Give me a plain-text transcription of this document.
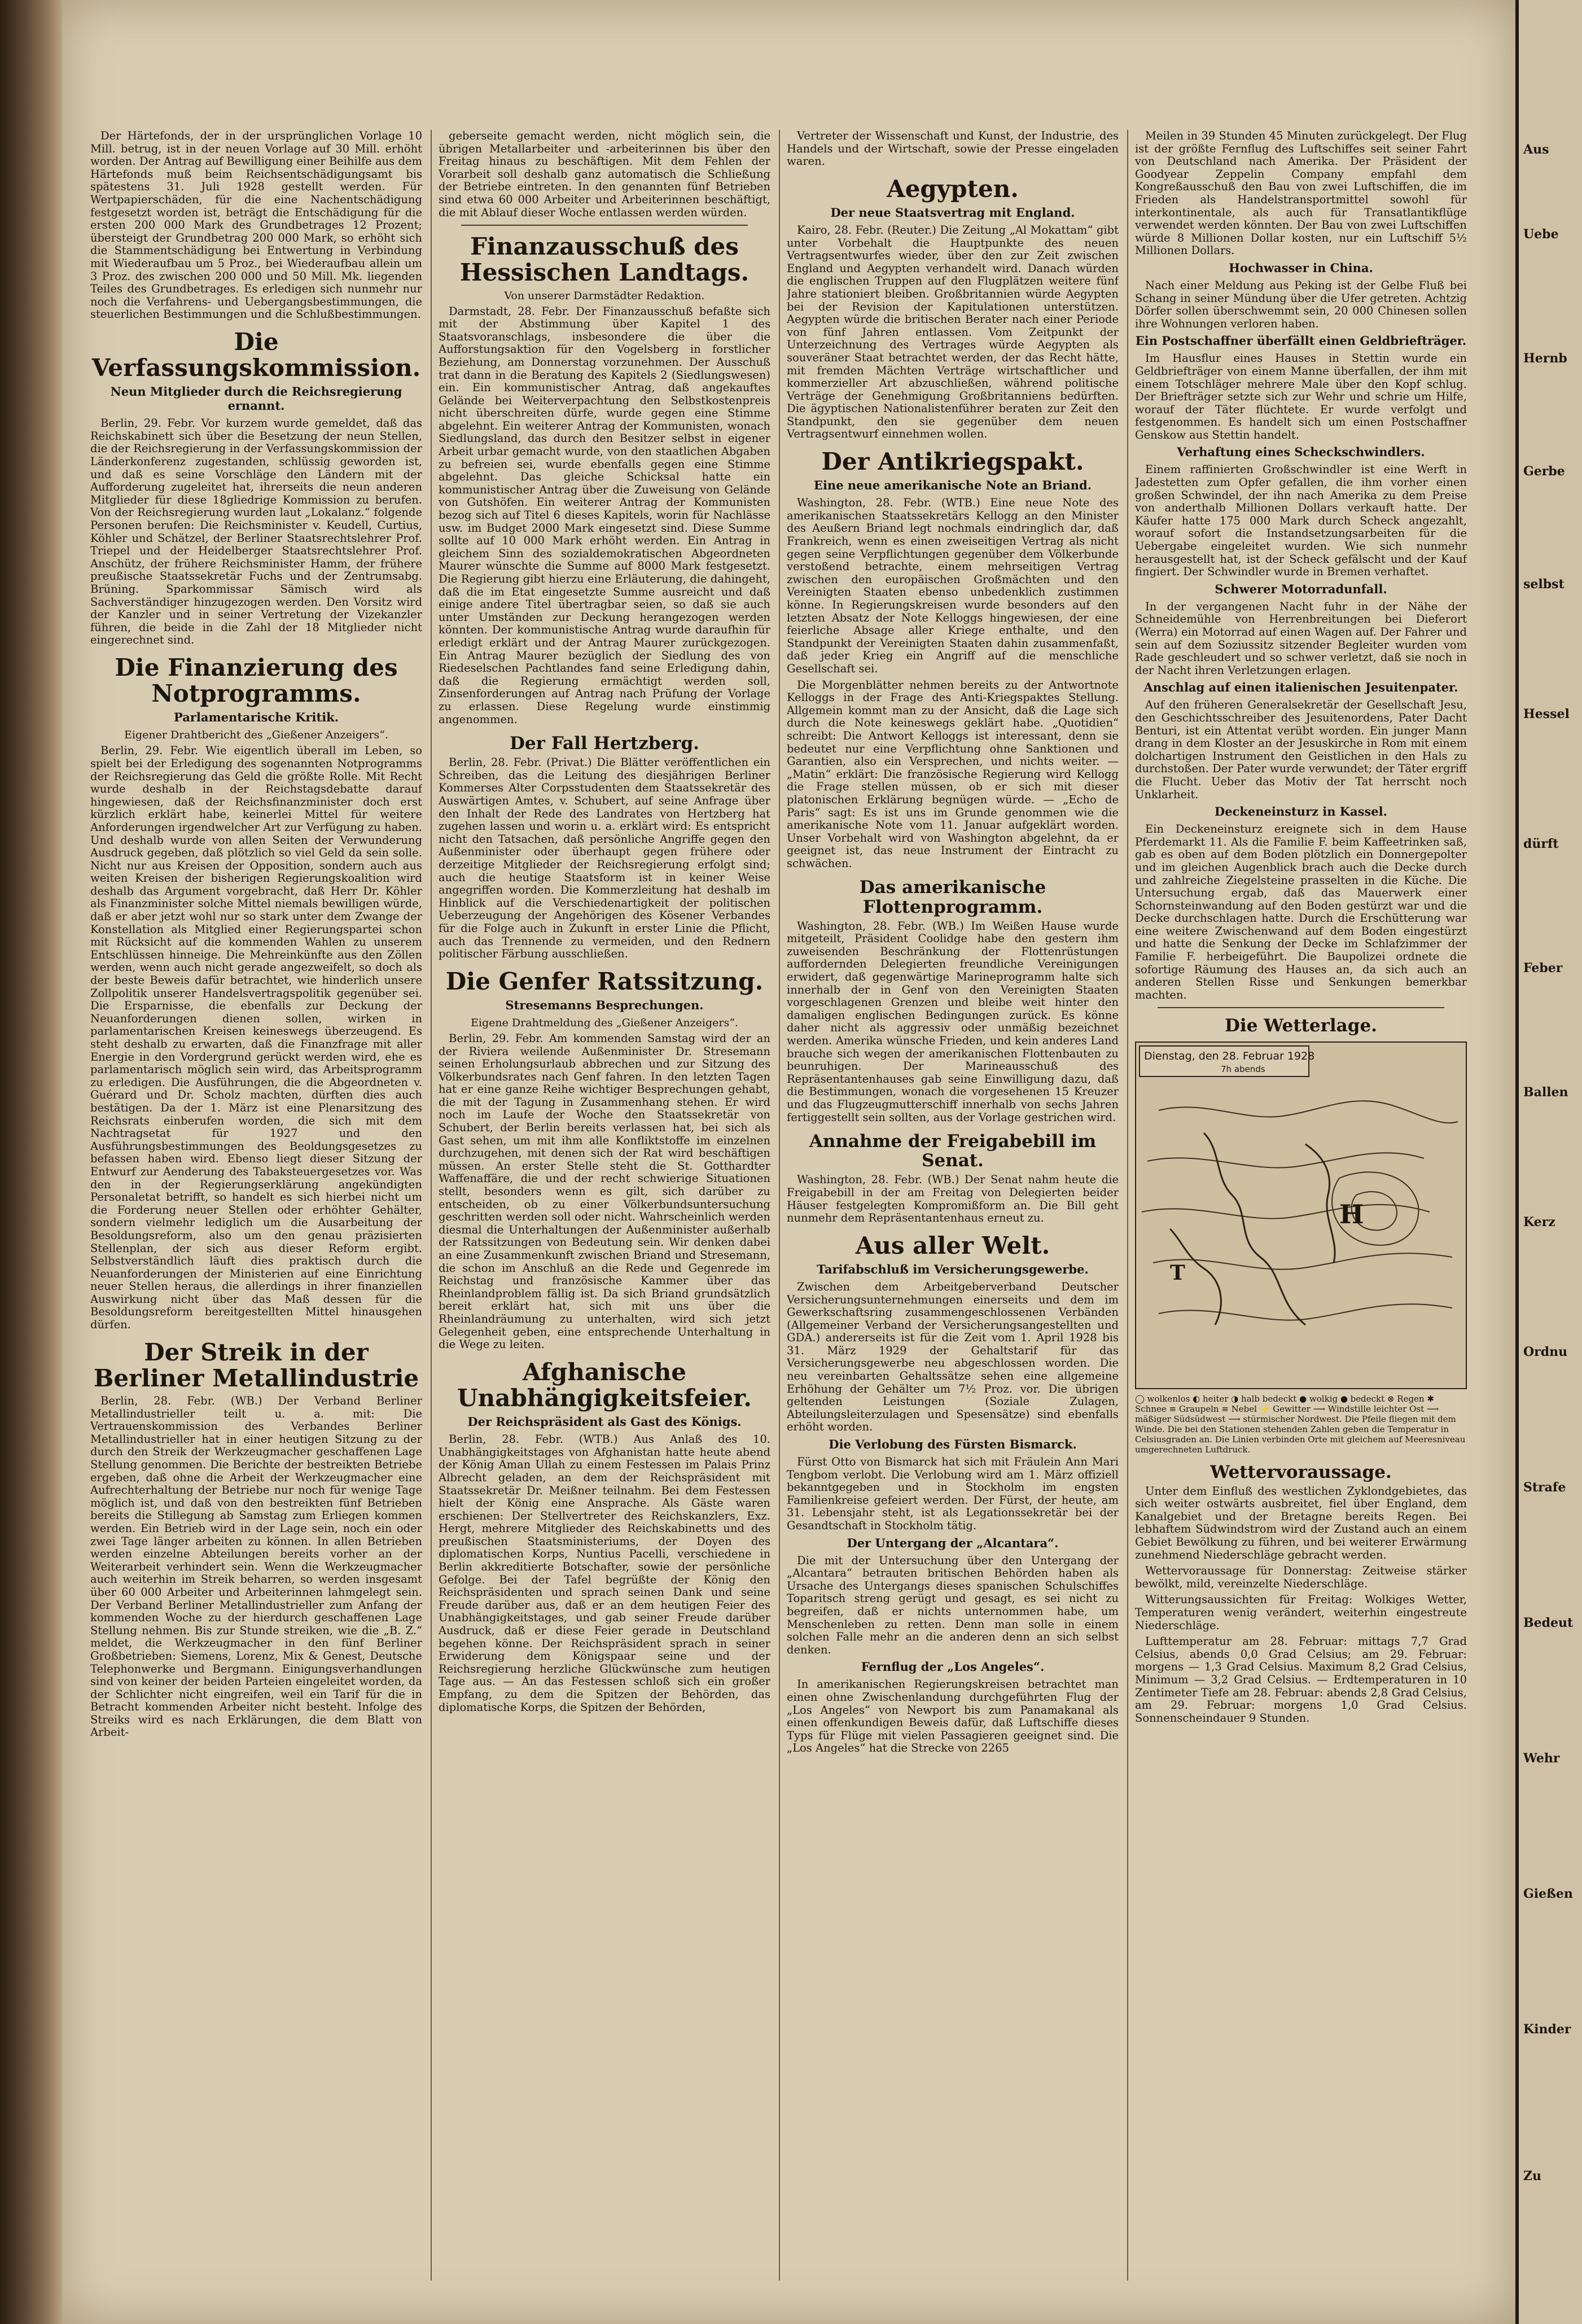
Der Härtefonds, der in der ursprünglichen Vorlage 10 Mill. betrug, ist in der neuen Vorlage auf 30 Mill. erhöht worden. Der Antrag auf Bewilligung einer Beihilfe aus dem Härtefonds muß beim Reichsentschädigungsamt bis spätestens 31. Juli 1928 gestellt werden. Für Wertpapierschäden, für die eine Nachentschädigung festgesetzt worden ist, beträgt die Entschädigung für die ersten 200 000 Mark des Grundbetrages 12 Prozent; übersteigt der Grundbetrag 200 000 Mark, so erhöht sich die Stammentschädigung bei Entwertung in Verbindung mit Wiederaufbau um 5 Proz., bei Wiederaufbau allein um 3 Proz. des zwischen 200 000 und 50 Mill. Mk. liegenden Teiles des Grundbetrages. Es erledigen sich nunmehr nur noch die Verfahrens- und Uebergangsbestimmungen, die steuerlichen Bestimmungen und die Schlußbestimmungen.

Die Verfassungskommission.
Neun Mitglieder durch die Reichsregierung ernannt.

Berlin, 29. Febr. Vor kurzem wurde gemeldet, daß das Reichskabinett sich über die Besetzung der neun Stellen, die der Reichsregierung in der Verfassungskommission der Länderkonferenz zugestanden, schlüssig geworden ist, und daß es seine Vorschläge den Ländern mit der Aufforderung zugeleitet hat, ihrerseits die neun anderen Mitglieder für diese 18gliedrige Kommission zu berufen. Von der Reichsregierung wurden laut „Lokalanz.“ folgende Personen berufen: Die Reichsminister v. Keudell, Curtius, Köhler und Schätzel, der Berliner Staatsrechtslehrer Prof. Triepel und der Heidelberger Staatsrechtslehrer Prof. Anschütz, der frühere Reichsminister Hamm, der frühere preußische Staatssekretär Fuchs und der Zentrumsabg. Brüning. Sparkommissar Sämisch wird als Sachverständiger hinzugezogen werden. Den Vorsitz wird der Kanzler und in seiner Vertretung der Vizekanzler führen, die beide in die Zahl der 18 Mitglieder nicht eingerechnet sind.

Die Finanzierung des Notprogramms.
Parlamentarische Kritik.
Eigener Drahtbericht des „Gießener Anzeigers“.

Berlin, 29. Febr. Wie eigentlich überall im Leben, so spielt bei der Erledigung des sogenannten Notprogramms der Reichsregierung das Geld die größte Rolle. Mit Recht wurde deshalb in der Reichstagsdebatte darauf hingewiesen, daß der Reichsfinanzminister doch erst kürzlich erklärt habe, keinerlei Mittel für weitere Anforderungen irgendwelcher Art zur Verfügung zu haben. Und deshalb wurde von allen Seiten der Verwunderung Ausdruck gegeben, daß plötzlich so viel Geld da sein solle. Nicht nur aus Kreisen der Opposition, sondern auch aus weiten Kreisen der bisherigen Regierungskoalition wird deshalb das Argument vorgebracht, daß Herr Dr. Köhler als Finanzminister solche Mittel niemals bewilligen würde, daß er aber jetzt wohl nur so stark unter dem Zwange der Konstellation als Mitglied einer Regierungspartei schon mit Rücksicht auf die kommenden Wahlen zu unserem Entschlüssen hinneige. Die Mehreinkünfte aus den Zöllen werden, wenn auch nicht gerade angezweifelt, so doch als der beste Beweis dafür betrachtet, wie hinderlich unsere Zollpolitik unserer Handelsvertragspolitik gegenüber sei. Die Ersparnisse, die ebenfalls zur Deckung der Neuanforderungen dienen sollen, wirken in parlamentarischen Kreisen keineswegs überzeugend. Es steht deshalb zu erwarten, daß die Finanzfrage mit aller Energie in den Vordergrund gerückt werden wird, ehe es parlamentarisch möglich sein wird, das Arbeitsprogramm zu erledigen. Die Ausführungen, die die Abgeordneten v. Guérard und Dr. Scholz machten, dürften dies auch bestätigen. Da der 1. März ist eine Plenarsitzung des Reichsrats einberufen worden, die sich mit dem Nachtragsetat für 1927 und den Ausführungsbestimmungen des Beoldungsgesetzes zu befassen haben wird. Ebenso liegt dieser Sitzung der Entwurf zur Aenderung des Tabaksteuergesetzes vor. Was den in der Regierungserklärung angekündigten Personaletat betrifft, so handelt es sich hierbei nicht um die Forderung neuer Stellen oder erhöhter Gehälter, sondern vielmehr lediglich um die Ausarbeitung der Besoldungsreform, also um den genau präzisierten Stellenplan, der sich aus dieser Reform ergibt. Selbstverständlich läuft dies praktisch durch die Neuanforderungen der Ministerien auf eine Einrichtung neuer Stellen heraus, die allerdings in ihrer finanziellen Auswirkung nicht über das Maß dessen für die Besoldungsreform bereitgestellten Mittel hinausgehen dürfen.

Der Streik in der Berliner Metallindustrie

Berlin, 28. Febr. (WB.) Der Verband Berliner Metallindustrieller teilt u. a. mit: Die Vertrauenskommission des Verbandes Berliner Metallindustrieller hat in einer heutigen Sitzung zu der durch den Streik der Werkzeugmacher geschaffenen Lage Stellung genommen. Die Berichte der bestreikten Betriebe ergeben, daß ohne die Arbeit der Werkzeugmacher eine Aufrechterhaltung der Betriebe nur noch für wenige Tage möglich ist, und daß von den bestreikten fünf Betrieben bereits die Stillegung ab Samstag zum Erliegen kommen werden. Ein Betrieb wird in der Lage sein, noch ein oder zwei Tage länger arbeiten zu können. In allen Betrieben werden einzelne Abteilungen bereits vorher an der Weiterarbeit verhindert sein. Wenn die Werkzeugmacher auch weiterhin im Streik beharren, so werden insgesamt über 60 000 Arbeiter und Arbeiterinnen lahmgelegt sein. Der Verband Berliner Metallindustrieller zum Anfang der kommenden Woche zu der hierdurch geschaffenen Lage Stellung nehmen. Bis zur Stunde streiken, wie die „B. Z.“ meldet, die Werkzeugmacher in den fünf Berliner Großbetrieben: Siemens, Lorenz, Mix & Genest, Deutsche Telephonwerke und Bergmann. Einigungsverhandlungen sind von keiner der beiden Parteien eingeleitet worden, da der Schlichter nicht eingreifen, weil ein Tarif für die in Betracht kommenden Arbeiter nicht besteht. Infolge des Streiks wird es nach Erklärungen, die dem Blatt von Arbeit-

geberseite gemacht werden, nicht möglich sein, die übrigen Metallarbeiter und -arbeiterinnen bis über den Freitag hinaus zu beschäftigen. Mit dem Fehlen der Vorarbeit soll deshalb ganz automatisch die Schließung der Betriebe eintreten. In den genannten fünf Betrieben sind etwa 60 000 Arbeiter und Arbeiterinnen beschäftigt, die mit Ablauf dieser Woche entlassen werden würden.

Finanzausschuß des Hessischen Landtags.
Von unserer Darmstädter Redaktion.

Darmstadt, 28. Febr. Der Finanzausschuß befaßte sich mit der Abstimmung über Kapitel 1 des Staatsvoranschlags, insbesondere die über die Aufforstungsaktion für den Vogelsberg in forstlicher Beziehung, am Donnerstag vorzunehmen. Der Ausschuß trat dann in die Beratung des Kapitels 2 (Siedlungswesen) ein. Ein kommunistischer Antrag, daß angekauftes Gelände bei Weiterverpachtung den Selbstkostenpreis nicht überschreiten dürfe, wurde gegen eine Stimme abgelehnt. Ein weiterer Antrag der Kommunisten, wonach Siedlungsland, das durch den Besitzer selbst in eigener Arbeit urbar gemacht wurde, von den staatlichen Abgaben zu befreien sei, wurde ebenfalls gegen eine Stimme abgelehnt. Das gleiche Schicksal hatte ein kommunistischer Antrag über die Zuweisung von Gelände von Gutshöfen. Ein weiterer Antrag der Kommunisten bezog sich auf Titel 6 dieses Kapitels, worin für Nachlässe usw. im Budget 2000 Mark eingesetzt sind. Diese Summe sollte auf 10 000 Mark erhöht werden. Ein Antrag in gleichem Sinn des sozialdemokratischen Abgeordneten Maurer wünschte die Summe auf 8000 Mark festgesetzt. Die Regierung gibt hierzu eine Erläuterung, die dahingeht, daß die im Etat eingesetzte Summe ausreicht und daß einige andere Titel übertragbar seien, so daß sie auch unter Umständen zur Deckung herangezogen werden könnten. Der kommunistische Antrag wurde daraufhin für erledigt erklärt und der Antrag Maurer zurückgezogen. Ein Antrag Maurer bezüglich der Siedlung des von Riedeselschen Pachtlandes fand seine Erledigung dahin, daß die Regierung ermächtigt werden soll, Zinsenforderungen auf Antrag nach Prüfung der Vorlage zu erlassen. Diese Regelung wurde einstimmig angenommen.

Der Fall Hertzberg.

Berlin, 28. Febr. (Privat.) Die Blätter veröffentlichen ein Schreiben, das die Leitung des diesjährigen Berliner Kommerses Alter Corpsstudenten dem Staatssekretär des Auswärtigen Amtes, v. Schubert, auf seine Anfrage über den Inhalt der Rede des Landrates von Hertzberg hat zugehen lassen und worin u. a. erklärt wird: Es entspricht nicht den Tatsachen, daß persönliche Angriffe gegen den Außenminister oder überhaupt gegen frühere oder derzeitige Mitglieder der Reichsregierung erfolgt sind; auch die heutige Staatsform ist in keiner Weise angegriffen worden. Die Kommerzleitung hat deshalb im Hinblick auf die Verschiedenartigkeit der politischen Ueberzeugung der Angehörigen des Kösener Verbandes für die Folge auch in Zukunft in erster Linie die Pflicht, auch das Trennende zu vermeiden, und den Rednern politischer Färbung ausschließen.

Die Genfer Ratssitzung.
Stresemanns Besprechungen.
Eigene Drahtmeldung des „Gießener Anzeigers“.

Berlin, 29. Febr. Am kommenden Samstag wird der an der Riviera weilende Außenminister Dr. Stresemann seinen Erholungsurlaub abbrechen und zur Sitzung des Völkerbundsrates nach Genf fahren. In den letzten Tagen hat er eine ganze Reihe wichtiger Besprechungen gehabt, die mit der Tagung in Zusammenhang stehen. Er wird noch im Laufe der Woche den Staatssekretär von Schubert, der Berlin bereits verlassen hat, bei sich als Gast sehen, um mit ihm alle Konfliktstoffe im einzelnen durchzugehen, mit denen sich der Rat wird beschäftigen müssen. An erster Stelle steht die St. Gotthardter Waffenaffäre, die und der recht schwierige Situationen stellt, besonders wenn es gilt, sich darüber zu entscheiden, ob zu einer Völkerbundsuntersuchung geschritten werden soll oder nicht. Wahrscheinlich werden diesmal die Unterhaltungen der Außenminister außerhalb der Ratssitzungen von Bedeutung sein. Wir denken dabei an eine Zusammenkunft zwischen Briand und Stresemann, die schon im Anschluß an die Rede und Gegenrede im Reichstag und französische Kammer über das Rheinlandproblem fällig ist. Da sich Briand grundsätzlich bereit erklärt hat, sich mit uns über die Rheinlandräumung zu unterhalten, wird sich jetzt Gelegenheit geben, eine entsprechende Unterhaltung in die Wege zu leiten.

Afghanische Unabhängigkeitsfeier.
Der Reichspräsident als Gast des Königs.

Berlin, 28. Febr. (WTB.) Aus Anlaß des 10. Unabhängigkeitstages von Afghanistan hatte heute abend der König Aman Ullah zu einem Festessen im Palais Prinz Albrecht geladen, an dem der Reichspräsident mit Staatssekretär Dr. Meißner teilnahm. Bei dem Festessen hielt der König eine Ansprache. Als Gäste waren erschienen: Der Stellvertreter des Reichskanzlers, Exz. Hergt, mehrere Mitglieder des Reichskabinetts und des preußischen Staatsministeriums, der Doyen des diplomatischen Korps, Nuntius Pacelli, verschiedene in Berlin akkreditierte Botschafter, sowie der persönliche Gefolge. Bei der Tafel begrüßte der König den Reichspräsidenten und sprach seinen Dank und seine Freude darüber aus, daß er an dem heutigen Feier des Unabhängigkeitstages, und gab seiner Freude darüber Ausdruck, daß er diese Feier gerade in Deutschland begehen könne. Der Reichspräsident sprach in seiner Erwiderung dem Königspaar seine und der Reichsregierung herzliche Glückwünsche zum heutigen Tage aus. — An das Festessen schloß sich ein großer Empfang, zu dem die Spitzen der Behörden, das diplomatische Korps, die Spitzen der Behörden,

Vertreter der Wissenschaft und Kunst, der Industrie, des Handels und der Wirtschaft, sowie der Presse eingeladen waren.

Aegypten.
Der neue Staatsvertrag mit England.

Kairo, 28. Febr. (Reuter.) Die Zeitung „Al Mokattam“ gibt unter Vorbehalt die Hauptpunkte des neuen Vertragsentwurfes wieder, über den zur Zeit zwischen England und Aegypten verhandelt wird. Danach würden die englischen Truppen auf den Flugplätzen weitere fünf Jahre stationiert bleiben. Großbritannien würde Aegypten bei der Revision der Kapitulationen unterstützen. Aegypten würde die britischen Berater nach einer Periode von fünf Jahren entlassen. Vom Zeitpunkt der Unterzeichnung des Vertrages würde Aegypten als souveräner Staat betrachtet werden, der das Recht hätte, mit fremden Mächten Verträge wirtschaftlicher und kommerzieller Art abzuschließen, während politische Verträge der Genehmigung Großbritanniens bedürften. Die ägyptischen Nationalistenführer beraten zur Zeit den Standpunkt, den sie gegenüber dem neuen Vertragsentwurf einnehmen wollen.

Der Antikriegspakt.
Eine neue amerikanische Note an Briand.

Washington, 28. Febr. (WTB.) Eine neue Note des amerikanischen Staatssekretärs Kellogg an den Minister des Aeußern Briand legt nochmals eindringlich dar, daß Frankreich, wenn es einen zweiseitigen Vertrag als nicht gegen seine Verpflichtungen gegenüber dem Völkerbunde verstoßend betrachte, einem mehrseitigen Vertrag zwischen den europäischen Großmächten und den Vereinigten Staaten ebenso unbedenklich zustimmen könne. In Regierungskreisen wurde besonders auf den letzten Absatz der Note Kelloggs hingewiesen, der eine feierliche Absage aller Kriege enthalte, und den Standpunkt der Vereinigten Staaten dahin zusammenfaßt, daß jeder Krieg ein Angriff auf die menschliche Gesellschaft sei.

Die Morgenblätter nehmen bereits zu der Antwortnote Kelloggs in der Frage des Anti-Kriegspaktes Stellung. Allgemein kommt man zu der Ansicht, daß die Lage sich durch die Note keineswegs geklärt habe. „Quotidien“ schreibt: Die Antwort Kelloggs ist interessant, denn sie bedeutet nur eine Verpflichtung ohne Sanktionen und Garantien, also ein Versprechen, und nichts weiter. — „Matin“ erklärt: Die französische Regierung wird Kellogg die Frage stellen müssen, ob er sich mit dieser platonischen Erklärung begnügen würde. — „Echo de Paris“ sagt: Es ist uns im Grunde genommen wie die amerikanische Note vom 11. Januar aufgeklärt worden. Unser Vorbehalt wird von Washington abgelehnt, da er geeignet ist, das neue Instrument der Eintracht zu schwächen.

Das amerikanische Flottenprogramm.

Washington, 28. Febr. (WB.) Im Weißen Hause wurde mitgeteilt, Präsident Coolidge habe den gestern ihm zuweisenden Beschränkung der Flottenrüstungen auffordernden Delegierten freundliche Vereinigungen erwidert, daß gegenwärtige Marineprogramm halte sich innerhalb der in Genf von den Vereinigten Staaten vorgeschlagenen Grenzen und bleibe weit hinter den damaligen englischen Bedingungen zurück. Es könne daher nicht als aggressiv oder unmäßig bezeichnet werden. Amerika wünsche Frieden, und kein anderes Land brauche sich wegen der amerikanischen Flottenbauten zu beunruhigen. Der Marineausschuß des Repräsentantenhauses gab seine Einwilligung dazu, daß die Bestimmungen, wonach die vorgesehenen 15 Kreuzer und das Flugzeugmutterschiff innerhalb von sechs Jahren fertiggestellt sein sollten, aus der Vorlage gestrichen wird.

Annahme der Freigabebill im Senat.

Washington, 28. Febr. (WB.) Der Senat nahm heute die Freigabebill in der am Freitag von Delegierten beider Häuser festgelegten Kompromißform an. Die Bill geht nunmehr dem Repräsentantenhaus erneut zu.

Aus aller Welt.
Tarifabschluß im Versicherungsgewerbe.

Zwischen dem Arbeitgeberverband Deutscher Versicherungsunternehmungen einerseits und dem im Gewerkschaftsring zusammengeschlossenen Verbänden (Allgemeiner Verband der Versicherungsangestellten und GDA.) andererseits ist für die Zeit vom 1. April 1928 bis 31. März 1929 der Gehaltstarif für das Versicherungsgewerbe neu abgeschlossen worden. Die neu vereinbarten Gehaltssätze sehen eine allgemeine Erhöhung der Gehälter um 7½ Proz. vor. Die übrigen geltenden Leistungen (Soziale Zulagen, Abteilungsleiterzulagen und Spesensätze) sind ebenfalls erhöht worden.

Die Verlobung des Fürsten Bismarck.

Fürst Otto von Bismarck hat sich mit Fräulein Ann Mari Tengbom verlobt. Die Verlobung wird am 1. März offiziell bekanntgegeben und in Stockholm im engsten Familienkreise gefeiert werden. Der Fürst, der heute, am 31. Lebensjahr steht, ist als Legationssekretär bei der Gesandtschaft in Stockholm tätig.

Der Untergang der „Alcantara“.

Die mit der Untersuchung über den Untergang der „Alcantara“ betrauten britischen Behörden haben als Ursache des Untergangs dieses spanischen Schulschiffes Toparitsch streng gerügt und gesagt, es sei nicht zu begreifen, daß er nichts unternommen habe, um Menschenleben zu retten. Denn man solle in einem solchen Falle mehr an die anderen denn an sich selbst denken.

Fernflug der „Los Angeles“.

In amerikanischen Regierungskreisen betrachtet man einen ohne Zwischenlandung durchgeführten Flug der „Los Angeles“ von Newport bis zum Panamakanal als einen offenkundigen Beweis dafür, daß Luftschiffe dieses Typs für Flüge mit vielen Passagieren geeignet sind. Die „Los Angeles“ hat die Strecke von 2265

Meilen in 39 Stunden 45 Minuten zurückgelegt. Der Flug ist der größte Fernflug des Luftschiffes seit seiner Fahrt von Deutschland nach Amerika. Der Präsident der Goodyear Zeppelin Company empfahl dem Kongreßausschuß den Bau von zwei Luftschiffen, die im Frieden als Handelstransportmittel sowohl für interkontinentale, als auch für Transatlantikflüge verwendet werden könnten. Der Bau von zwei Luftschiffen würde 8 Millionen Dollar kosten, nur ein Luftschiff 5½ Millionen Dollars.

Hochwasser in China.

Nach einer Meldung aus Peking ist der Gelbe Fluß bei Schang in seiner Mündung über die Ufer getreten. Achtzig Dörfer sollen überschwemmt sein, 20 000 Chinesen sollen ihre Wohnungen verloren haben.

Ein Postschaffner überfällt einen Geldbriefträger.

Im Hausflur eines Hauses in Stettin wurde ein Geldbriefträger von einem Manne überfallen, der ihm mit einem Totschläger mehrere Male über den Kopf schlug. Der Briefträger setzte sich zur Wehr und schrie um Hilfe, worauf der Täter flüchtete. Er wurde verfolgt und festgenommen. Es handelt sich um einen Postschaffner Genskow aus Stettin handelt.

Verhaftung eines Scheckschwindlers.

Einem raffinierten Großschwindler ist eine Werft in Jadestetten zum Opfer gefallen, die ihm vorher einen großen Schwindel, der ihn nach Amerika zu dem Preise von anderthalb Millionen Dollars verkauft hatte. Der Käufer hatte 175 000 Mark durch Scheck angezahlt, worauf sofort die Instandsetzungsarbeiten für die Uebergabe eingeleitet wurden. Wie sich nunmehr herausgestellt hat, ist der Scheck gefälscht und der Kauf fingiert. Der Schwindler wurde in Bremen verhaftet.

Schwerer Motorradunfall.

In der vergangenen Nacht fuhr in der Nähe der Schneidemühle von Herrenbreitungen bei Dieferort (Werra) ein Motorrad auf einen Wagen auf. Der Fahrer und sein auf dem Soziussitz sitzender Begleiter wurden vom Rade geschleudert und so schwer verletzt, daß sie noch in der Nacht ihren Verletzungen erlagen.

Anschlag auf einen italienischen Jesuitenpater.

Auf den früheren Generalsekretär der Gesellschaft Jesu, den Geschichtsschreiber des Jesuitenordens, Pater Dacht Benturi, ist ein Attentat verübt worden. Ein junger Mann drang in dem Kloster an der Jesuskirche in Rom mit einem dolchartigen Instrument den Geistlichen in den Hals zu durchstoßen. Der Pater wurde verwundet; der Täter ergriff die Flucht. Ueber das Motiv der Tat herrscht noch Unklarheit.

Deckeneinsturz in Kassel.

Ein Deckeneinsturz ereignete sich in dem Hause Pferdemarkt 11. Als die Familie F. beim Kaffeetrinken saß, gab es oben auf dem Boden plötzlich ein Donnergepolter und im gleichen Augenblick brach auch die Decke durch und zahlreiche Ziegelsteine prasselten in die Küche. Die Untersuchung ergab, daß das Mauerwerk einer Schornsteinwandung auf den Boden gestürzt war und die Decke durchschlagen hatte. Durch die Erschütterung war eine weitere Zwischenwand auf dem Boden eingestürzt und hatte die Senkung der Decke im Schlafzimmer der Familie F. herbeigeführt. Die Baupolizei ordnete die sofortige Räumung des Hauses an, da sich auch an anderen Stellen Risse und Senkungen bemerkbar machten.

Die Wetterlage.
H
T
Dienstag, den 28. Februar 1928
7h abends
◯ wolkenlos ◐ heiter ◑ halb bedeckt ● wolkig ● bedeckt ⊗ Regen ✱ Schnee ≡ Graupeln ≡ Nebel ⚡ Gewitter ⟶ Windstille leichter Ost ⟶ mäßiger Südsüdwest ⟶ stürmischer Nordwest. Die Pfeile fliegen mit dem Winde. Die bei den Stationen stehenden Zahlen geben die Temperatur in Celsiusgraden an. Die Linien verbinden Orte mit gleichem auf Meeresniveau umgerechneten Luftdruck.
Wettervoraussage.

Unter dem Einfluß des westlichen Zyklondgebietes, das sich weiter ostwärts ausbreitet, fiel über England, dem Kanalgebiet und der Bretagne bereits Regen. Bei lebhaftem Südwindstrom wird der Zustand auch an einem Gebiet Bewölkung zu führen, und bei weiterer Erwärmung zunehmend Niederschläge gebracht werden.

Wettervoraussage für Donnerstag: Zeitweise stärker bewölkt, mild, vereinzelte Niederschläge.

Witterungsaussichten für Freitag: Wolkiges Wetter, Temperaturen wenig verändert, weiterhin eingestreute Niederschläge.

Lufttemperatur am 28. Februar: mittags 7,7 Grad Celsius, abends 0,0 Grad Celsius; am 29. Februar: morgens — 1,3 Grad Celsius. Maximum 8,2 Grad Celsius, Minimum — 3,2 Grad Celsius. — Erdtemperaturen in 10 Zentimeter Tiefe am 28. Februar: abends 2,8 Grad Celsius, am 29. Februar: morgens 1,0 Grad Celsius. Sonnenscheindauer 9 Stunden.

Aus
Uebe
Hernb
Gerbe
selbst
Hessel
dürft
Feber
Ballen
Kerz
Ordnu
Strafe
Bedeut
Wehr
Gießen
Kinder
Zu
